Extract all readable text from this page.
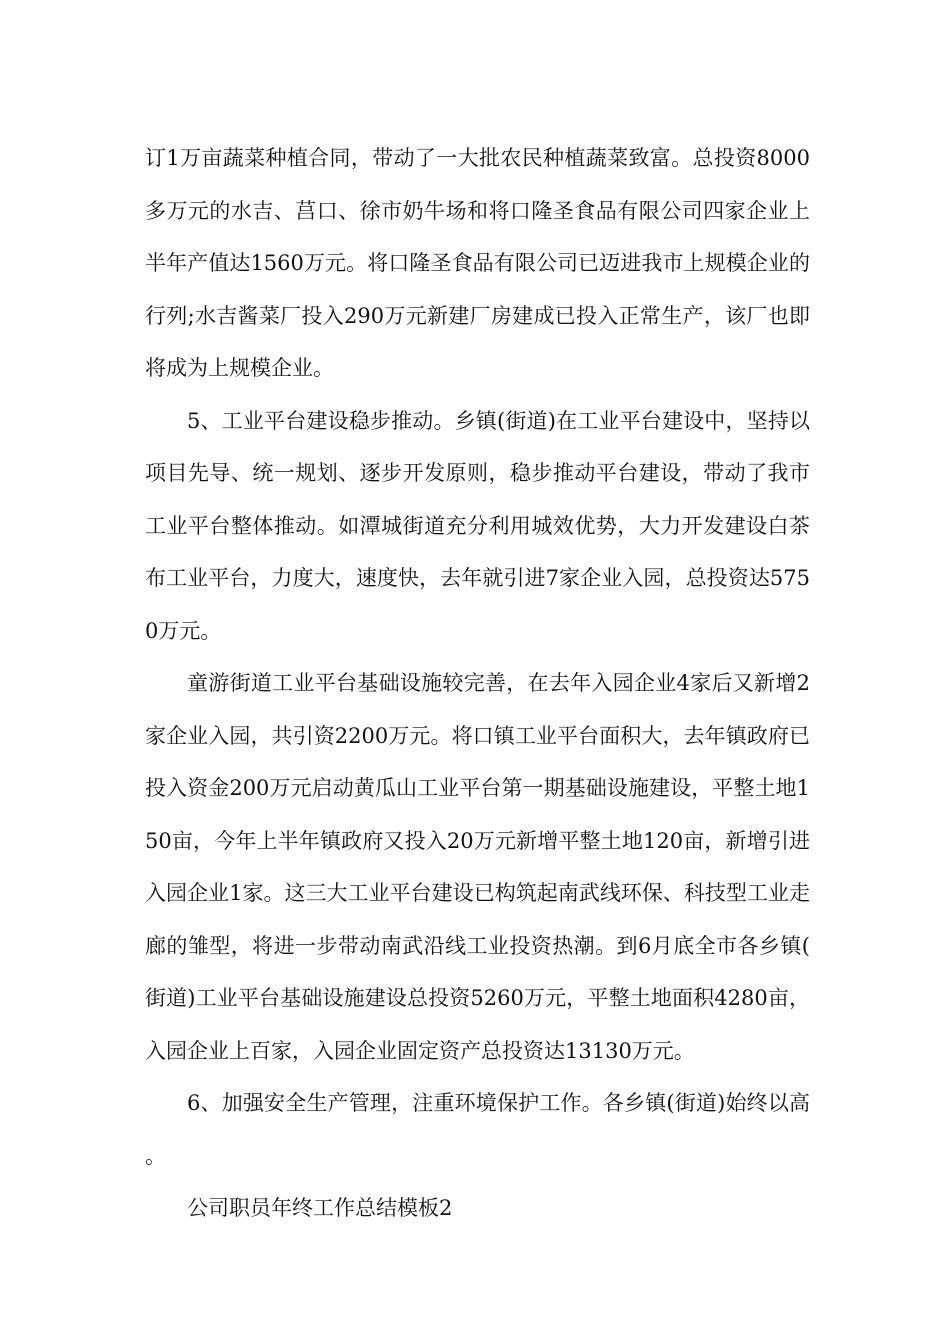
订1万亩蔬菜种植合同，带动了一大批农民种植蔬菜致富。总投资8000多万元的水吉、莒口、徐市奶牛场和将口隆圣食品有限公司四家企业上半年产值达1560万元。将口隆圣食品有限公司已迈进我市上规模企业的行列;水吉酱菜厂投入290万元新建厂房建成已投入正常生产，该厂也即将成为上规模企业。

5、工业平台建设稳步推动。乡镇(街道)在工业平台建设中，坚持以项目先导、统一规划、逐步开发原则，稳步推动平台建设，带动了我市工业平台整体推动。如潭城街道充分利用城效优势，大力开发建设白茶布工业平台，力度大，速度快，去年就引进7家企业入园，总投资达5750万元。

童游街道工业平台基础设施较完善，在去年入园企业4家后又新增2家企业入园，共引资2200万元。将口镇工业平台面积大，去年镇政府已投入资金200万元启动黄瓜山工业平台第一期基础设施建设，平整土地150亩，今年上半年镇政府又投入20万元新增平整土地120亩，新增引进入园企业1家。这三大工业平台建设已构筑起南武线环保、科技型工业走廊的雏型，将进一步带动南武沿线工业投资热潮。到6月底全市各乡镇(街道)工业平台基础设施建设总投资5260万元，平整土地面积4280亩，入园企业上百家，入园企业固定资产总投资达13130万元。

6、加强安全生产管理，注重环境保护工作。各乡镇(街道)始终以高。

公司职员年终工作总结模板2
